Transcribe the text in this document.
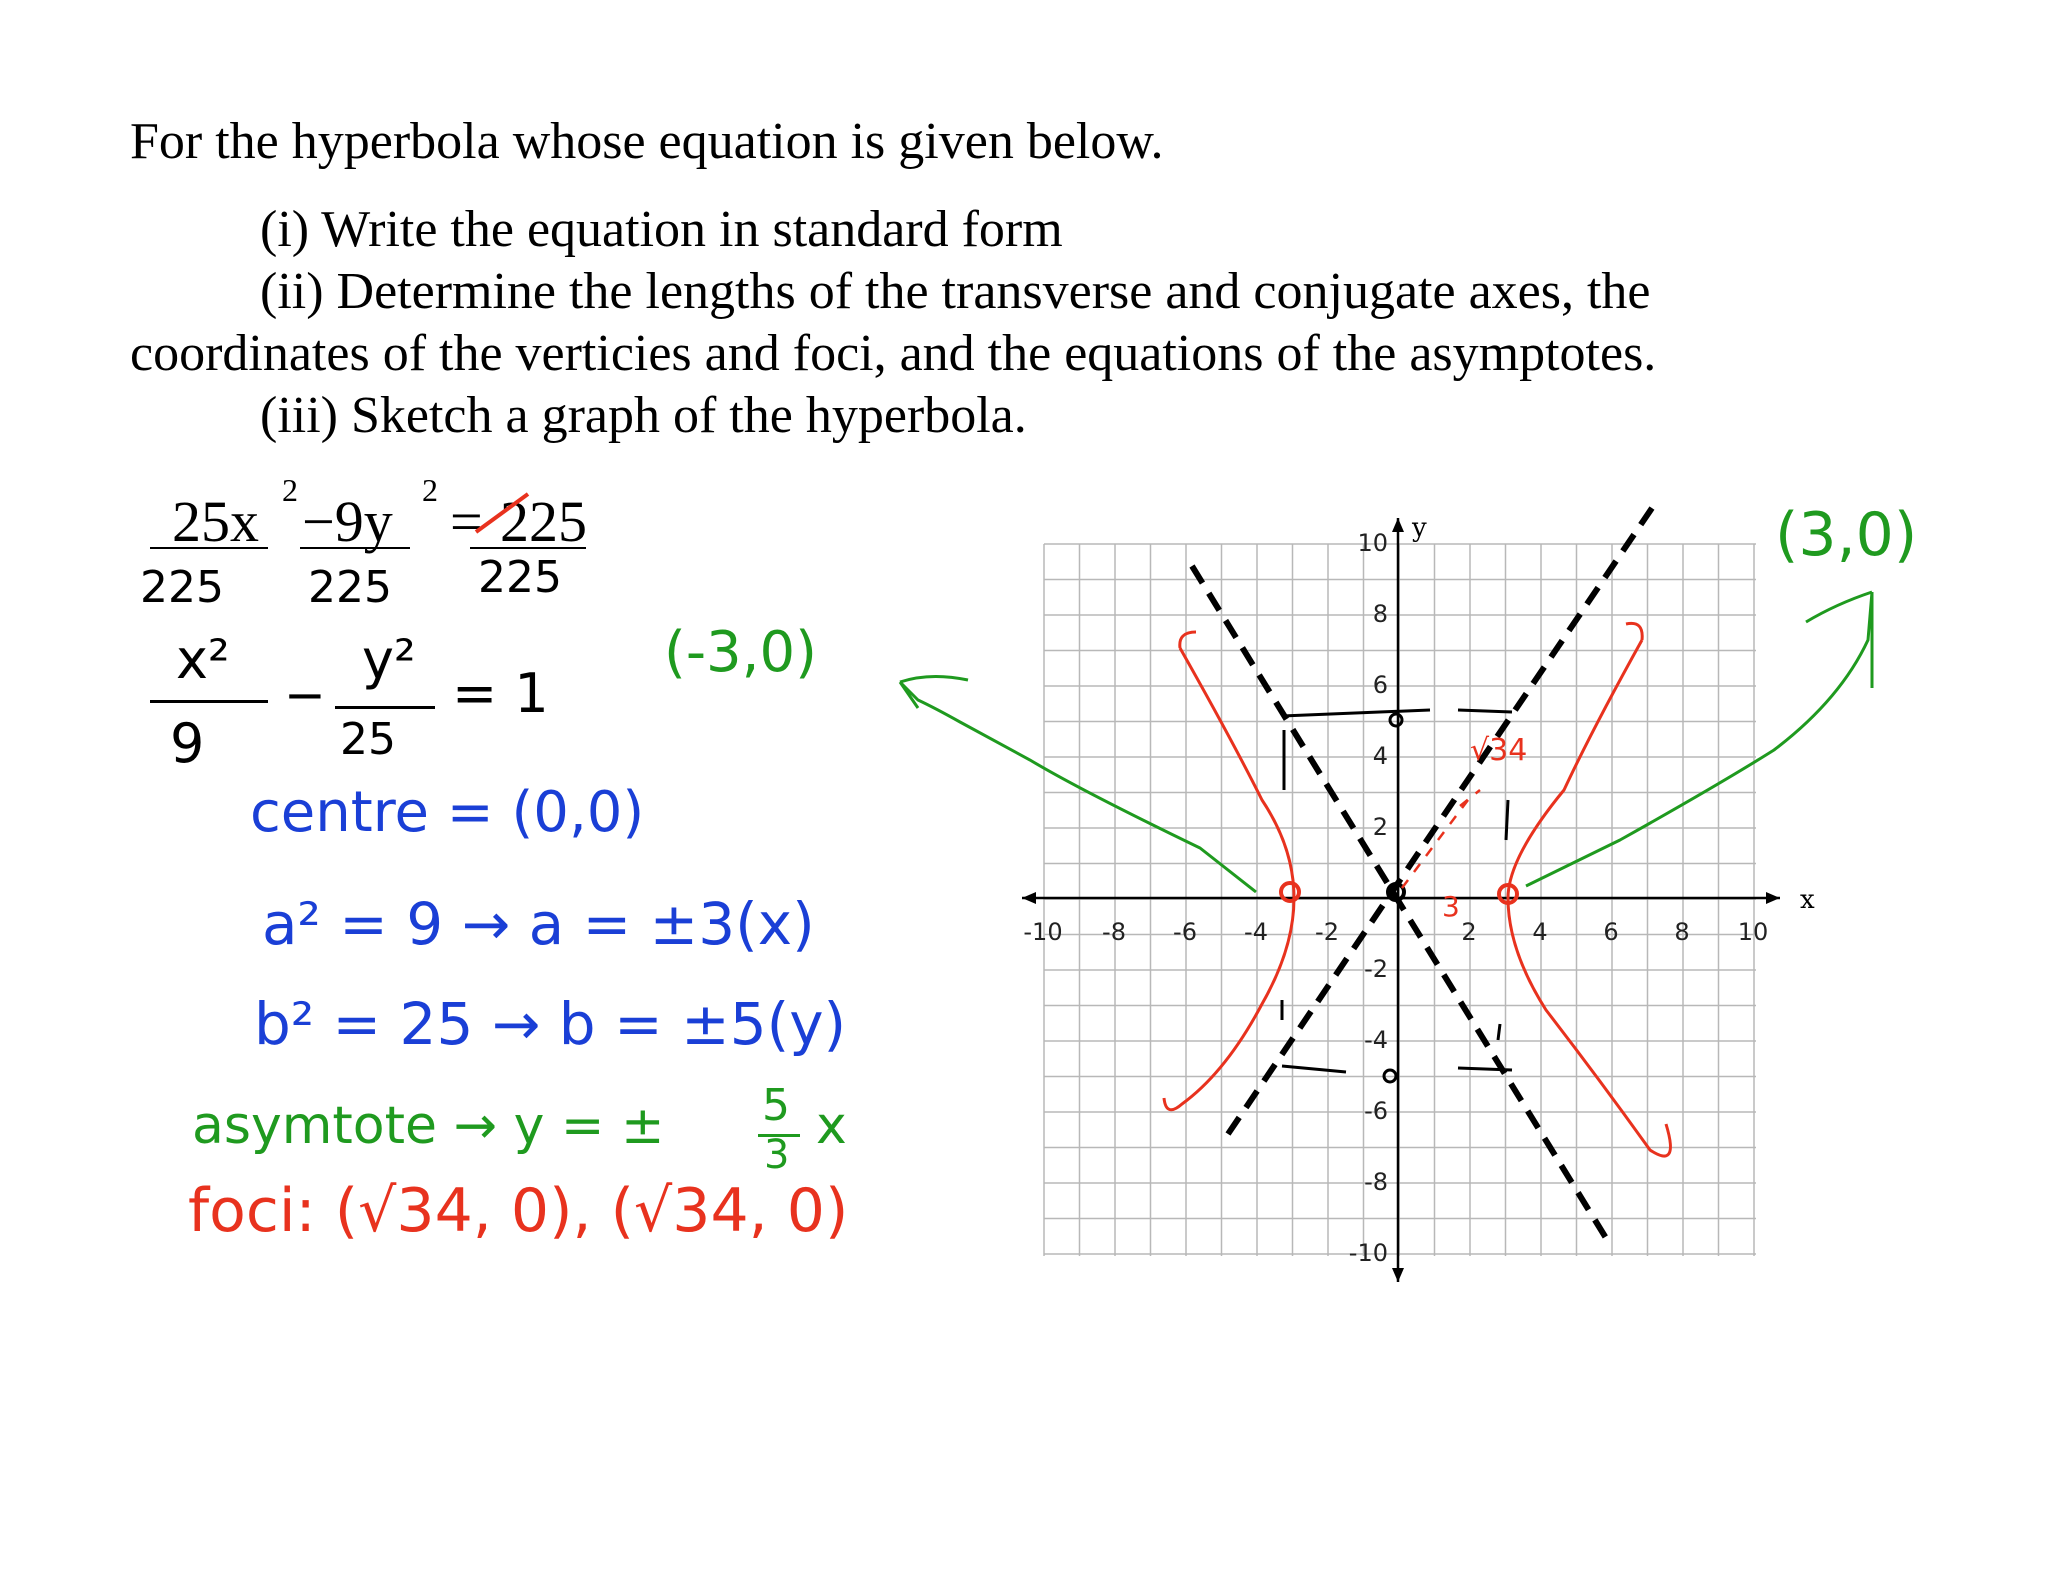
For the hyperbola whose equation is given below.
(i) Write the equation in standard form
(ii) Determine the lengths of the transverse and conjugate axes, the
coordinates of the verticies and foci, and the equations of the asymptotes.
(iii) Sketch a graph of the hyperbola.
25x 2 −9y 2 = 225
225 225 225
x²
9
−
y²
25
= 1
(-3,0)
(3,0)
centre = (0,0)
a² = 9 → a = ±3(x)
b² = 25 → b = ±5(y)
asymtote → y = ± 5
3 x
foci: (√34, 0), (√34, 0)
-10 -8 -6 -4 -2	2 4 6 8 10
10
8
6
4
2
-2
-4
-6
-8
-10
x
y
√34
3
